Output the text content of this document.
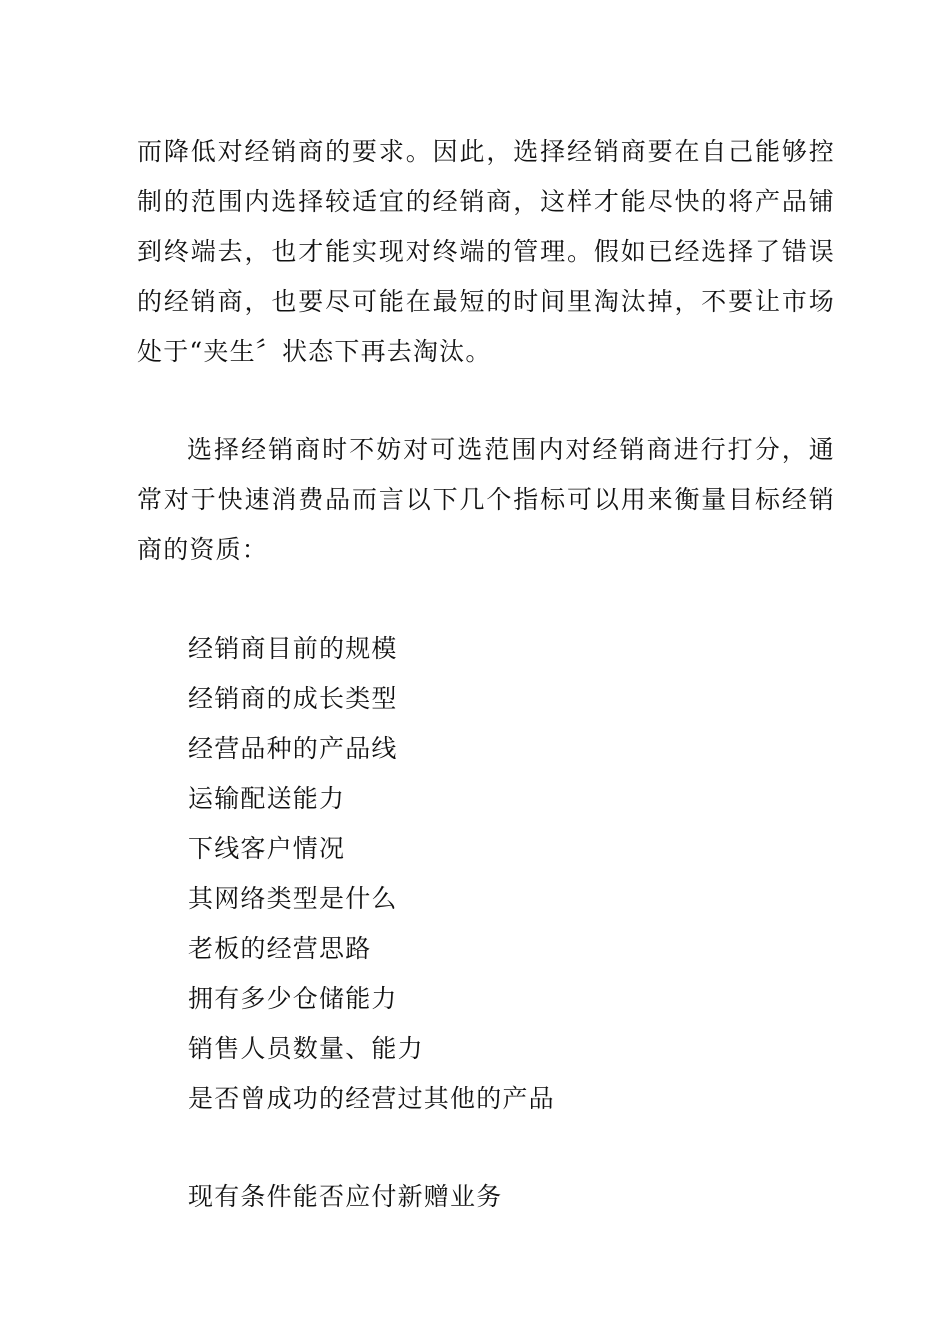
而降低对经销商的要求。因此，选择经销商要在自己能够控制的范围内选择较适宜的经销商，这样才能尽快的将产品铺到终端去，也才能实现对终端的管理。假如已经选择了错误的经销商，也要尽可能在最短的时间里淘汰掉，不要让市场处于“夹生〞状态下再去淘汰。

选择经销商时不妨对可选范围内对经销商进行打分，通常对于快速消费品而言以下几个指标可以用来衡量目标经销商的资质：

经销商目前的规模
经销商的成长类型
经营品种的产品线
运输配送能力
下线客户情况
其网络类型是什么
老板的经营思路
拥有多少仓储能力
销售人员数量、能力
是否曾成功的经营过其他的产品

现有条件能否应付新赠业务
